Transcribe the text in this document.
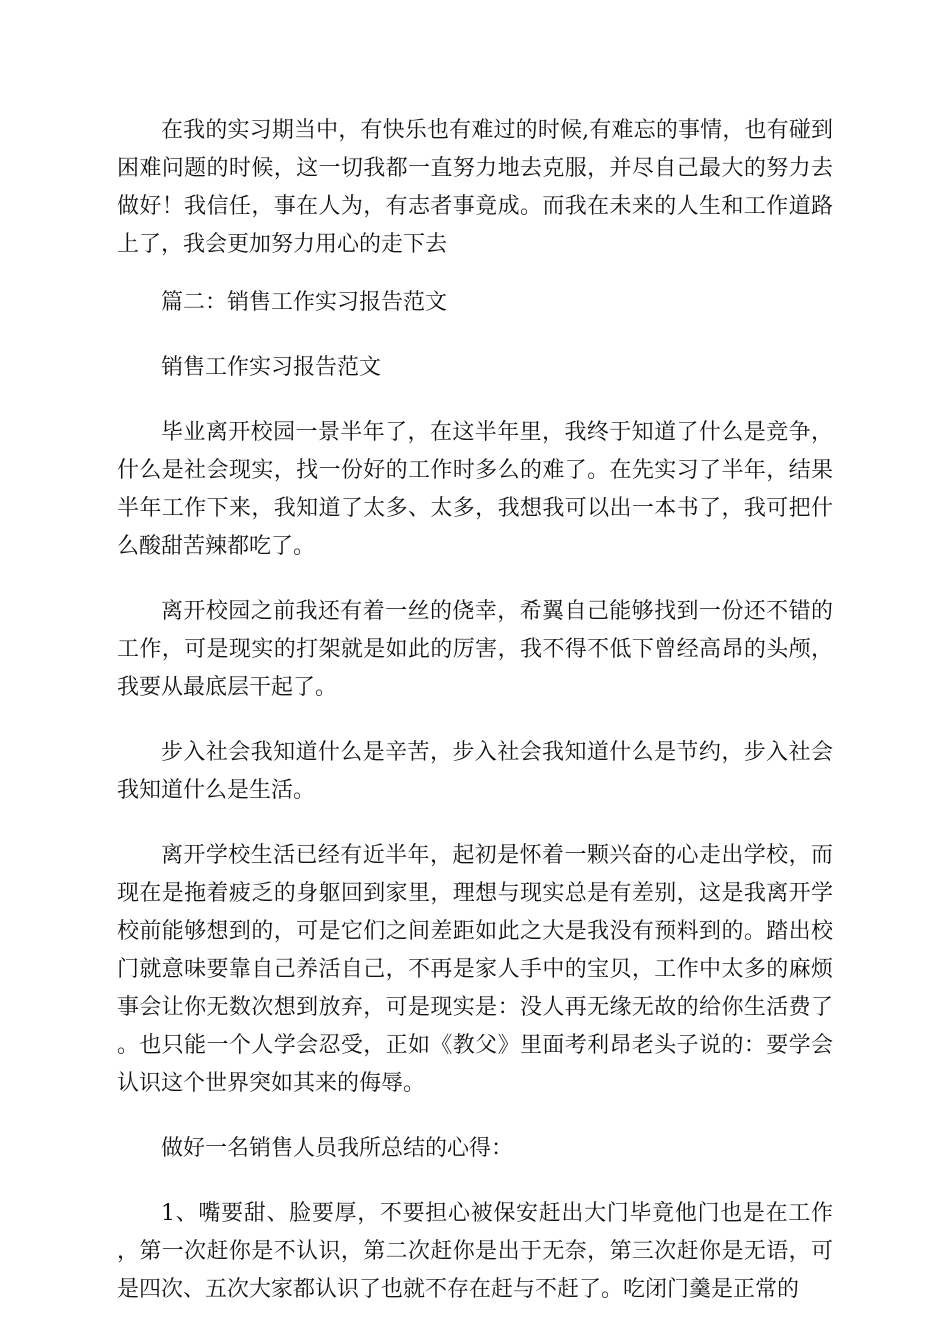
在我的实习期当中，有快乐也有难过的时候,有难忘的事情，也有碰到困难问题的时候，这一切我都一直努力地去克服，并尽自己最大的努力去做好！我信任，事在人为，有志者事竟成。而我在未来的人生和工作道路上了，我会更加努力用心的走下去

篇二：销售工作实习报告范文

销售工作实习报告范文

毕业离开校园一景半年了，在这半年里，我终于知道了什么是竞争，什么是社会现实，找一份好的工作时多么的难了。在先实习了半年，结果半年工作下来，我知道了太多、太多，我想我可以出一本书了，我可把什么酸甜苦辣都吃了。

离开校园之前我还有着一丝的侥幸，希翼自己能够找到一份还不错的工作，可是现实的打架就是如此的厉害，我不得不低下曾经高昂的头颅，我要从最底层干起了。

步入社会我知道什么是辛苦，步入社会我知道什么是节约，步入社会我知道什么是生活。

离开学校生活已经有近半年，起初是怀着一颗兴奋的心走出学校，而现在是拖着疲乏的身躯回到家里，理想与现实总是有差别，这是我离开学校前能够想到的，可是它们之间差距如此之大是我没有预料到的。踏出校门就意味要靠自己养活自己，不再是家人手中的宝贝，工作中太多的麻烦事会让你无数次想到放弃，可是现实是：没人再无缘无故的给你生活费了。也只能一个人学会忍受，正如《教父》里面考利昂老头子说的：要学会认识这个世界突如其来的侮辱。

做好一名销售人员我所总结的心得：

1、嘴要甜、脸要厚，不要担心被保安赶出大门毕竟他门也是在工作，第一次赶你是不认识，第二次赶你是出于无奈，第三次赶你是无语，可是四次、五次大家都认识了也就不存在赶与不赶了。吃闭门羹是正常的
